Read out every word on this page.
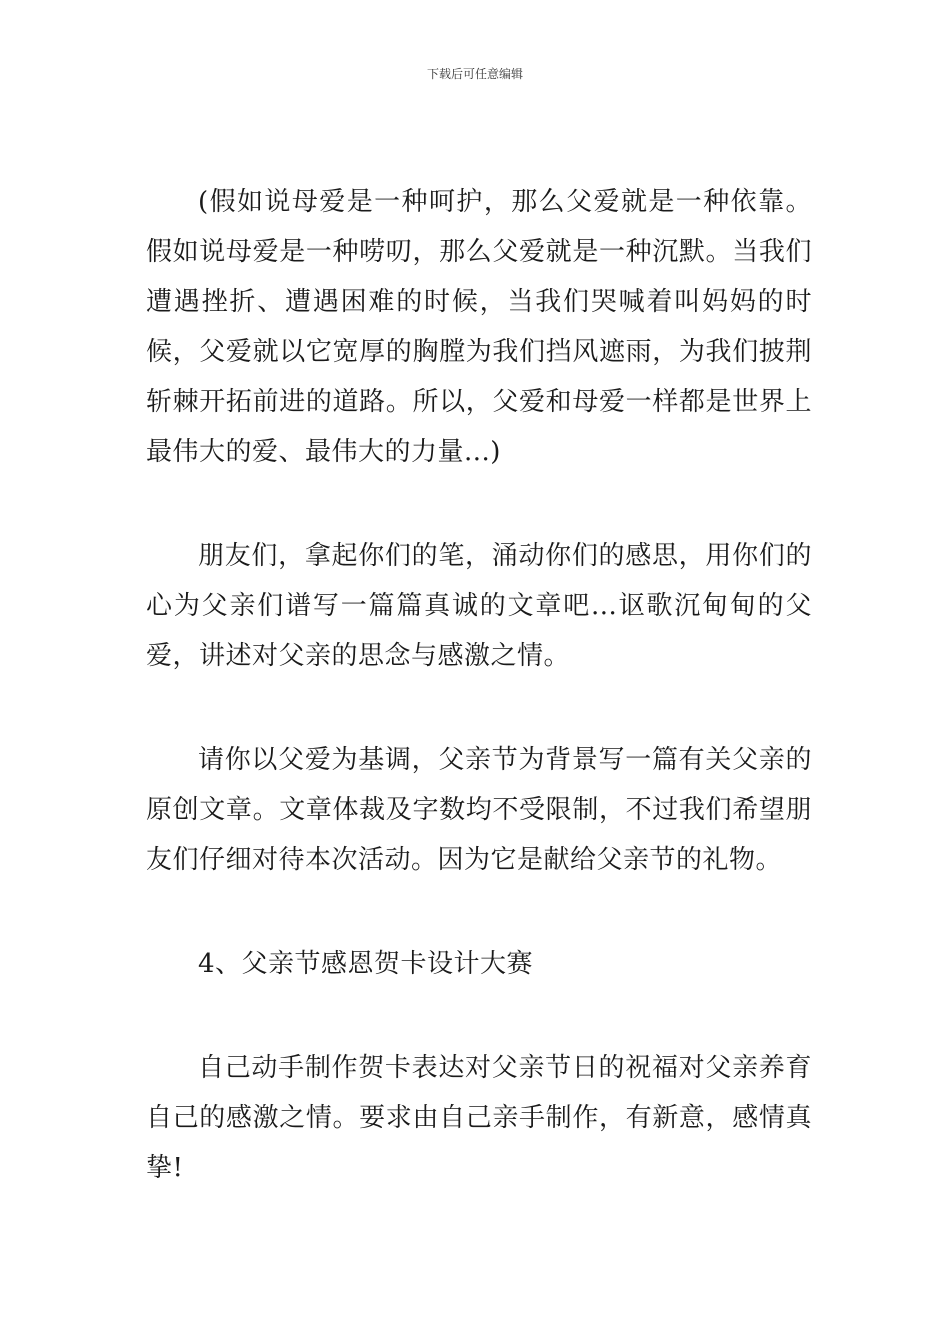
下载后可任意编辑

(假如说母爱是一种呵护，那么父爱就是一种依靠。假如说母爱是一种唠叨，那么父爱就是一种沉默。当我们遭遇挫折、遭遇困难的时候，当我们哭喊着叫妈妈的时候，父爱就以它宽厚的胸膛为我们挡风遮雨，为我们披荆斩棘开拓前进的道路。所以，父爱和母爱一样都是世界上最伟大的爱、最伟大的力量...)

朋友们，拿起你们的笔，涌动你们的感思，用你们的心为父亲们谱写一篇篇真诚的文章吧...讴歌沉甸甸的父爱，讲述对父亲的思念与感激之情。

请你以父爱为基调，父亲节为背景写一篇有关父亲的原创文章。文章体裁及字数均不受限制，不过我们希望朋友们仔细对待本次活动。因为它是献给父亲节的礼物。

4、父亲节感恩贺卡设计大赛

自己动手制作贺卡表达对父亲节日的祝福对父亲养育自己的感激之情。要求由自己亲手制作，有新意，感情真挚!
